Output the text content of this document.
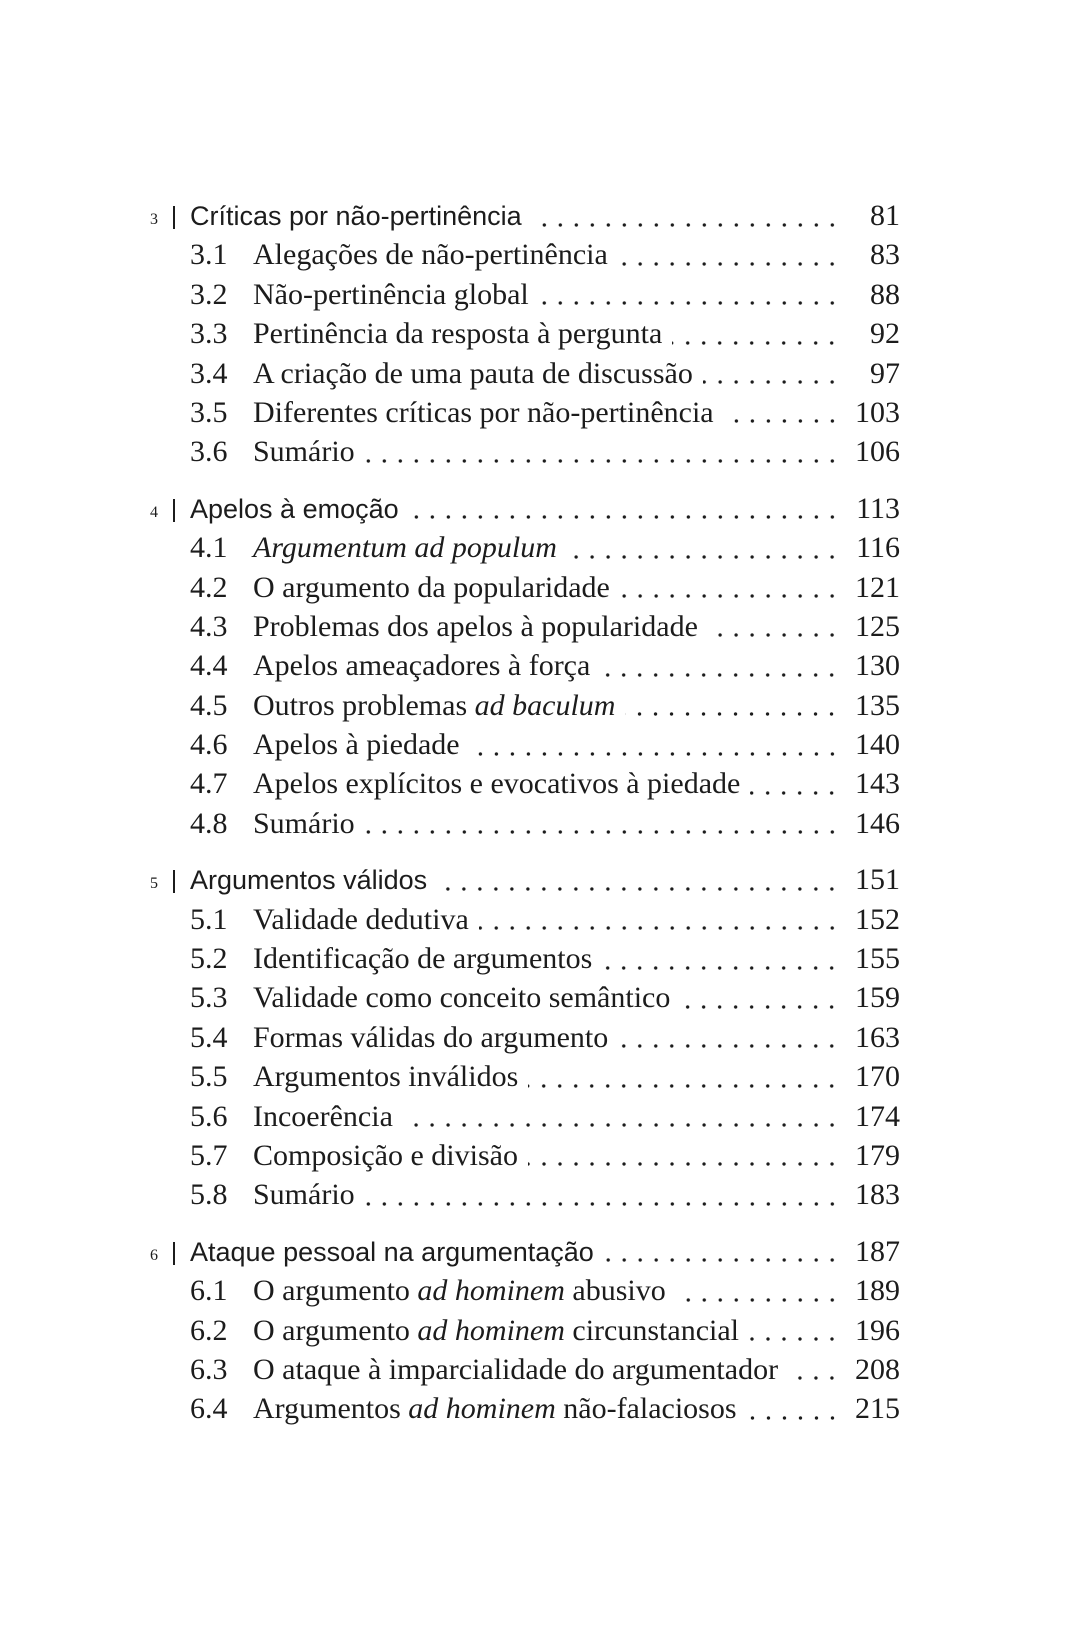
3 Críticas por não-pertinência	81
3.1 Alegações de não-pertinência	83
3.2 Não-pertinência global	88
3.3 Pertinência da resposta à pergunta	92
3.4 A criação de uma pauta de discussão	97
3.5 Diferentes críticas por não-pertinência	103
3.6 Sumário	106
4 Apelos à emoção	113
4.1 Argumentum ad populum	116
4.2 O argumento da popularidade	121
4.3 Problemas dos apelos à popularidade	125
4.4 Apelos ameaçadores à força	130
4.5 Outros problemas ad baculum	135
4.6 Apelos à piedade	140
4.7 Apelos explícitos e evocativos à piedade	143
4.8 Sumário	146
5 Argumentos válidos	151
5.1 Validade dedutiva	152
5.2 Identificação de argumentos	155
5.3 Validade como conceito semântico	159
5.4 Formas válidas do argumento	163
5.5 Argumentos inválidos	170
5.6 Incoerência	174
5.7 Composição e divisão	179
5.8 Sumário	183
6 Ataque pessoal na argumentação	187
6.1 O argumento ad hominem abusivo	189
6.2 O argumento ad hominem circunstancial	196
6.3 O ataque à imparcialidade do argumentador	208
6.4 Argumentos ad hominem não-falaciosos	215
